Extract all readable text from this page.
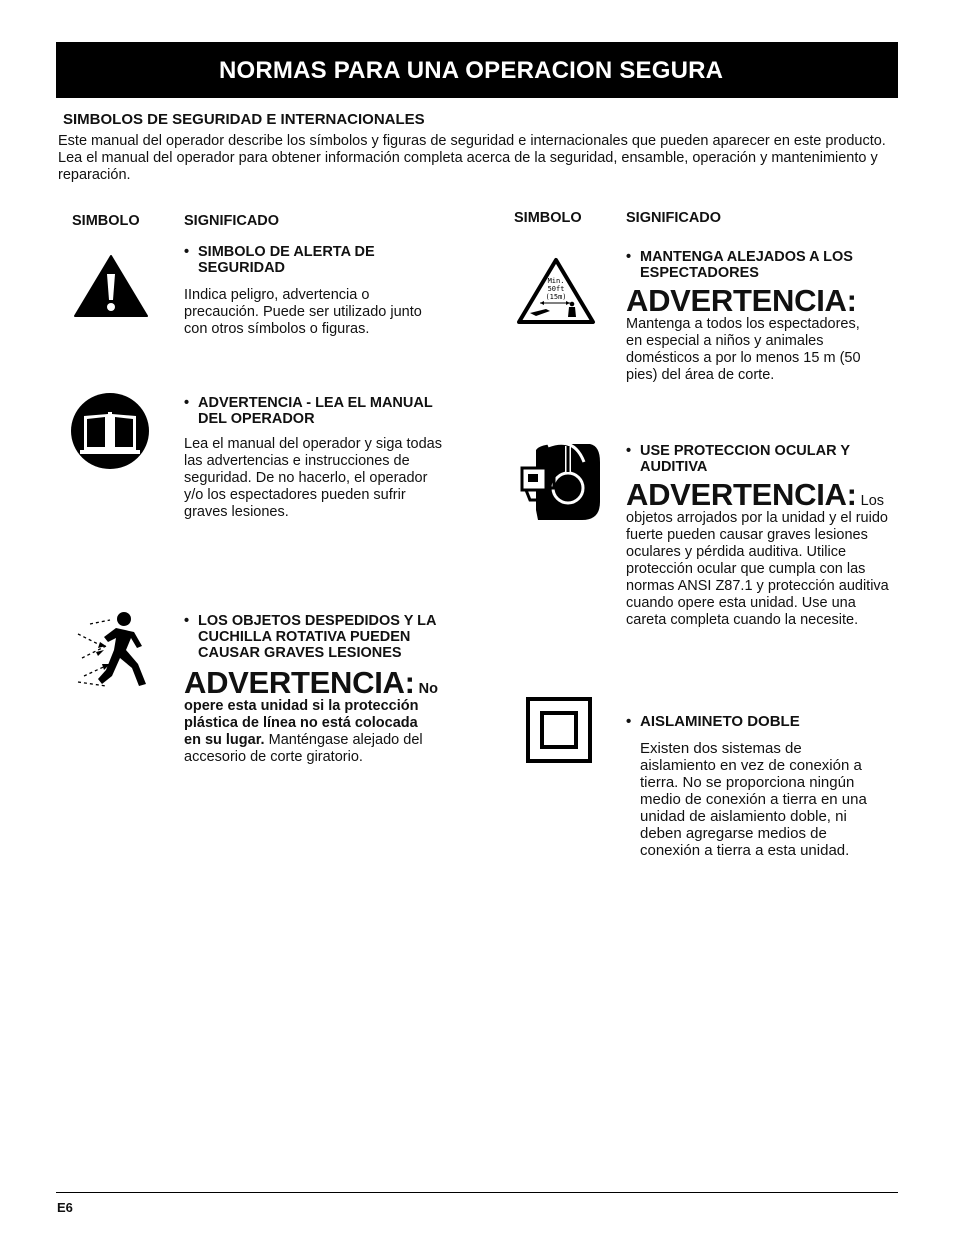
NORMAS PARA UNA OPERACION SEGURA
SIMBOLOS DE SEGURIDAD E INTERNACIONALES
Este manual del operador describe los símbolos y figuras de seguridad e internacionales que pueden aparecer en este producto. Lea el manual del operador para obtener información completa acerca de la seguridad, ensamble, operación y mantenimiento y reparación.
SIMBOLO	SIGNIFICADO	SIMBOLO	SIGNIFICADO
• SIMBOLO DE ALERTA DE
SEGURIDAD
IIndica peligro, advertencia o
precaución. Puede ser utilizado junto
con otros símbolos o figuras.
• ADVERTENCIA - LEA EL MANUAL
DEL OPERADOR
Lea el manual del operador y siga todas
las advertencias e instrucciones de
seguridad. De no hacerlo, el operador
y/o los espectadores pueden sufrir
graves lesiones.
• LOS OBJETOS DESPEDIDOS Y LA
CUCHILLA ROTATIVA PUEDEN
CAUSAR GRAVES LESIONES
ADVERTENCIA: No
opere esta unidad si la protección
plástica de línea no está colocada
en su lugar. Manténgase alejado del
accesorio de corte giratorio.
Min.
50ft
(15m)
• MANTENGA ALEJADOS A LOS
ESPECTADORES
ADVERTENCIA:
Mantenga a todos los espectadores,
en especial a niños y animales
domésticos a por lo menos 15 m (50
pies) del área de corte.
• USE PROTECCION OCULAR Y
AUDITIVA
ADVERTENCIA: Los
objetos arrojados por la unidad y el ruido
fuerte pueden causar graves lesiones
oculares y pérdida auditiva. Utilice
protección ocular que cumpla con las
normas ANSI Z87.1 y protección auditiva
cuando opere esta unidad. Use una
careta completa cuando la necesite.
• AISLAMINETO DOBLE
Existen dos sistemas de
aislamiento en vez de conexión a
tierra. No se proporciona ningún
medio de conexión a tierra en una
unidad de aislamiento doble, ni
deben agregarse medios de
conexión a tierra a esta unidad.
E6
